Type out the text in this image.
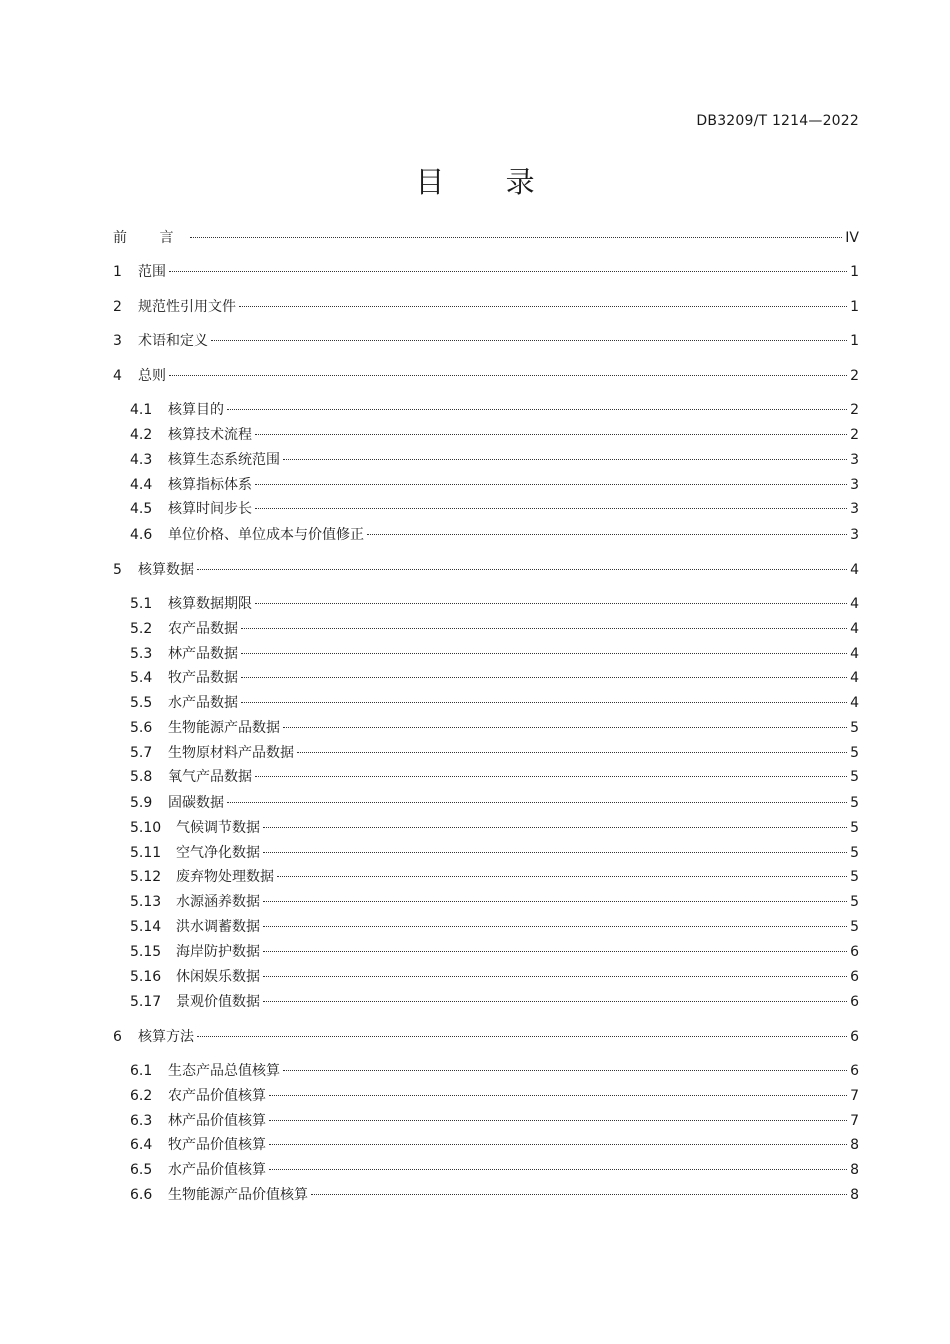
DB3209/T 1214—2022
目 录
前 言	IV
1	范围	1
2	规范性引用文件	1
3	术语和定义	1
4	总则	2
4.1	核算目的	2
4.2	核算技术流程	2
4.3	核算生态系统范围	3
4.4	核算指标体系	3
4.5	核算时间步长	3
4.6	单位价格、单位成本与价值修正	3
5	核算数据	4
5.1	核算数据期限	4
5.2	农产品数据	4
5.3	林产品数据	4
5.4	牧产品数据	4
5.5	水产品数据	4
5.6	生物能源产品数据	5
5.7	生物原材料产品数据	5
5.8	氧气产品数据	5
5.9	固碳数据	5
5.10	气候调节数据	5
5.11	空气净化数据	5
5.12	废弃物处理数据	5
5.13	水源涵养数据	5
5.14	洪水调蓄数据	5
5.15	海岸防护数据	6
5.16	休闲娱乐数据	6
5.17	景观价值数据	6
6	核算方法	6
6.1	生态产品总值核算	6
6.2	农产品价值核算	7
6.3	林产品价值核算	7
6.4	牧产品价值核算	8
6.5	水产品价值核算	8
6.6	生物能源产品价值核算	8
